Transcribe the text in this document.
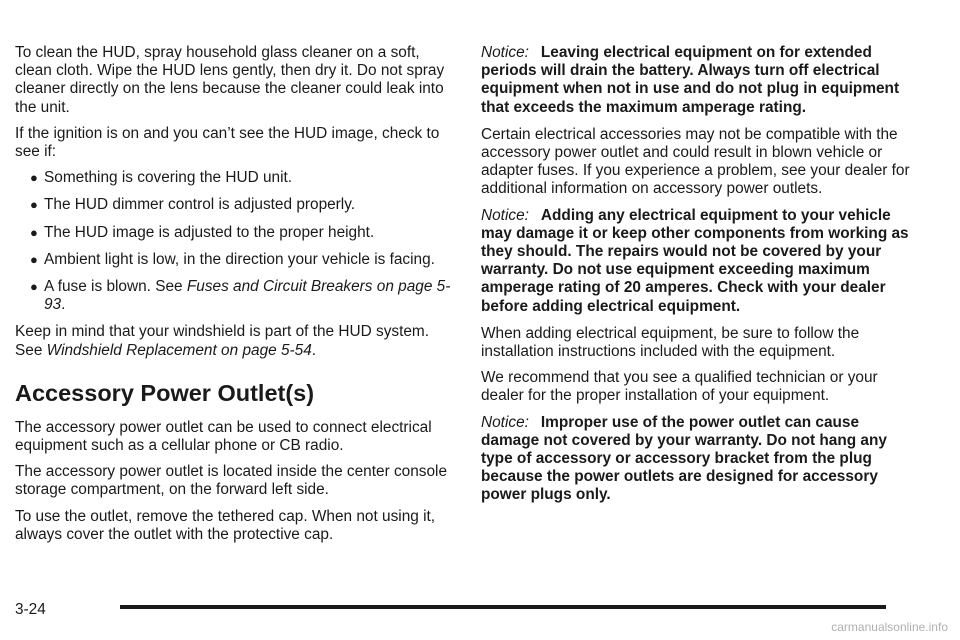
To clean the HUD, spray household glass cleaner on a soft, clean cloth. Wipe the HUD lens gently, then dry it. Do not spray cleaner directly on the lens because the cleaner could leak into the unit.

If the ignition is on and you can’t see the HUD image, check to see if:

● Something is covering the HUD unit.
● The HUD dimmer control is adjusted properly.
● The HUD image is adjusted to the proper height.
● Ambient light is low, in the direction your vehicle is facing.
● A fuse is blown. See Fuses and Circuit Breakers on page 5-93.

Keep in mind that your windshield is part of the HUD system. See Windshield Replacement on page 5-54.

Accessory Power Outlet(s)

The accessory power outlet can be used to connect electrical equipment such as a cellular phone or CB radio.

The accessory power outlet is located inside the center console storage compartment, on the forward left side.

To use the outlet, remove the tethered cap. When not using it, always cover the outlet with the protective cap.

Notice: Leaving electrical equipment on for extended periods will drain the battery. Always turn off electrical equipment when not in use and do not plug in equipment that exceeds the maximum amperage rating.

Certain electrical accessories may not be compatible with the accessory power outlet and could result in blown vehicle or adapter fuses. If you experience a problem, see your dealer for additional information on accessory power outlets.

Notice: Adding any electrical equipment to your vehicle may damage it or keep other components from working as they should. The repairs would not be covered by your warranty. Do not use equipment exceeding maximum amperage rating of 20 amperes. Check with your dealer before adding electrical equipment.

When adding electrical equipment, be sure to follow the installation instructions included with the equipment.

We recommend that you see a qualified technician or your dealer for the proper installation of your equipment.

Notice: Improper use of the power outlet can cause damage not covered by your warranty. Do not hang any type of accessory or accessory bracket from the plug because the power outlets are designed for accessory power plugs only.

3-24
carmanualsonline.info
